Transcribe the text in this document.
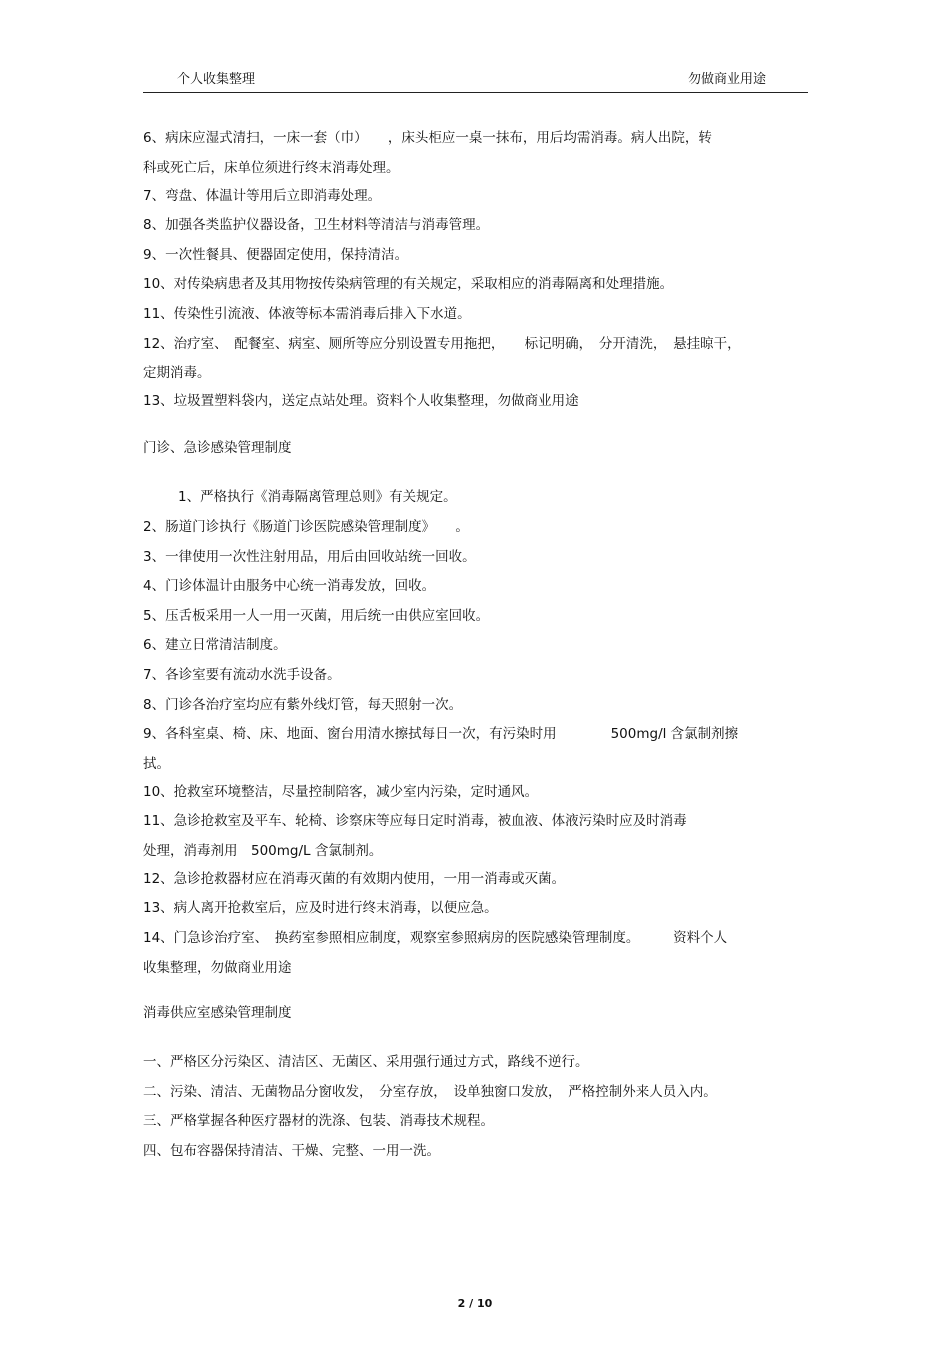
个人收集整理	勿做商业用途
6、病床应湿式清扫，一床一套（巾）　　，床头柜应一桌一抹布，用后均需消毒。病人出院，转
科或死亡后，床单位须进行终末消毒处理。
7、弯盘、体温计等用后立即消毒处理。
8、加强各类监护仪器设备，卫生材料等清洁与消毒管理。
9、一次性餐具、便器固定使用，保持清洁。
10、对传染病患者及其用物按传染病管理的有关规定，采取相应的消毒隔离和处理措施。
11、传染性引流液、体液等标本需消毒后排入下水道。
12、治疗室、　配餐室、病室、厕所等应分别设置专用拖把，　　标记明确，　分开清洗，　悬挂晾干，
定期消毒。
13、垃圾置塑料袋内，送定点站处理。资料个人收集整理，勿做商业用途
门诊、急诊感染管理制度
1、严格执行《消毒隔离管理总则》有关规定。
2、肠道门诊执行《肠道门诊医院感染管理制度》　　。
3、一律使用一次性注射用品，用后由回收站统一回收。
4、门诊体温计由服务中心统一消毒发放，回收。
5、压舌板采用一人一用一灭菌，用后统一由供应室回收。
6、建立日常清洁制度。
7、各诊室要有流动水洗手设备。
8、门诊各治疗室均应有紫外线灯管，每天照射一次。
9、各科室桌、椅、床、地面、窗台用清水擦拭每日一次，有污染时用　　　　500mg/l 含氯制剂擦
拭。
10、抢救室环境整洁，尽量控制陪客，减少室内污染，定时通风。
11、急诊抢救室及平车、轮椅、诊察床等应每日定时消毒，被血液、体液污染时应及时消毒
处理，消毒剂用　500mg/L 含氯制剂。
12、急诊抢救器材应在消毒灭菌的有效期内使用，一用一消毒或灭菌。
13、病人离开抢救室后，应及时进行终末消毒，以便应急。
14、门急诊治疗室、　换药室参照相应制度，观察室参照病房的医院感染管理制度。　　　资料个人
收集整理，勿做商业用途
消毒供应室感染管理制度
一、严格区分污染区、清洁区、无菌区、采用强行通过方式，路线不逆行。
二、污染、清洁、无菌物品分窗收发，　分室存放，　设单独窗口发放，　严格控制外来人员入内。
三、严格掌握各种医疗器材的洗涤、包装、消毒技术规程。
四、包布容器保持清洁、干燥、完整、一用一洗。
2 / 10
